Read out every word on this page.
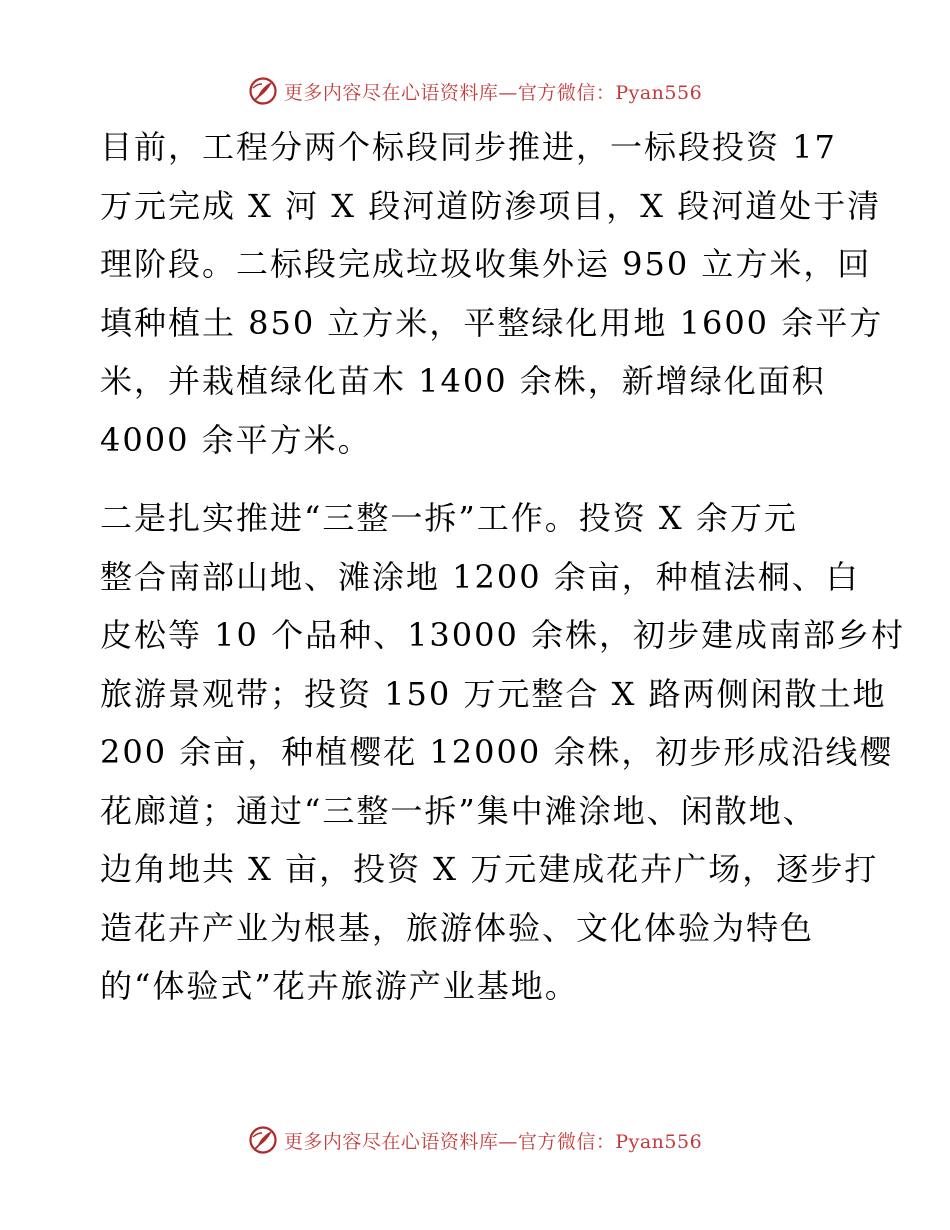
更多内容尽在心语资料库—官方微信：Pyan556

目前，工程分两个标段同步推进，一标段投资 17
万元完成 X 河 X 段河道防渗项目，X 段河道处于清
理阶段。二标段完成垃圾收集外运 950 立方米，回
填种植土 850 立方米，平整绿化用地 1600 余平方
米，并栽植绿化苗木 1400 余株，新增绿化面积
4000 余平方米。

二是扎实推进“三整一拆”工作。投资 X 余万元
整合南部山地、滩涂地 1200 余亩，种植法桐、白
皮松等 10 个品种、13000 余株，初步建成南部乡村
旅游景观带；投资 150 万元整合 X 路两侧闲散土地
200 余亩，种植樱花 12000 余株，初步形成沿线樱
花廊道；通过“三整一拆”集中滩涂地、闲散地、
边角地共 X 亩，投资 X 万元建成花卉广场，逐步打
造花卉产业为根基，旅游体验、文化体验为特色
的“体验式”花卉旅游产业基地。

更多内容尽在心语资料库—官方微信：Pyan556
